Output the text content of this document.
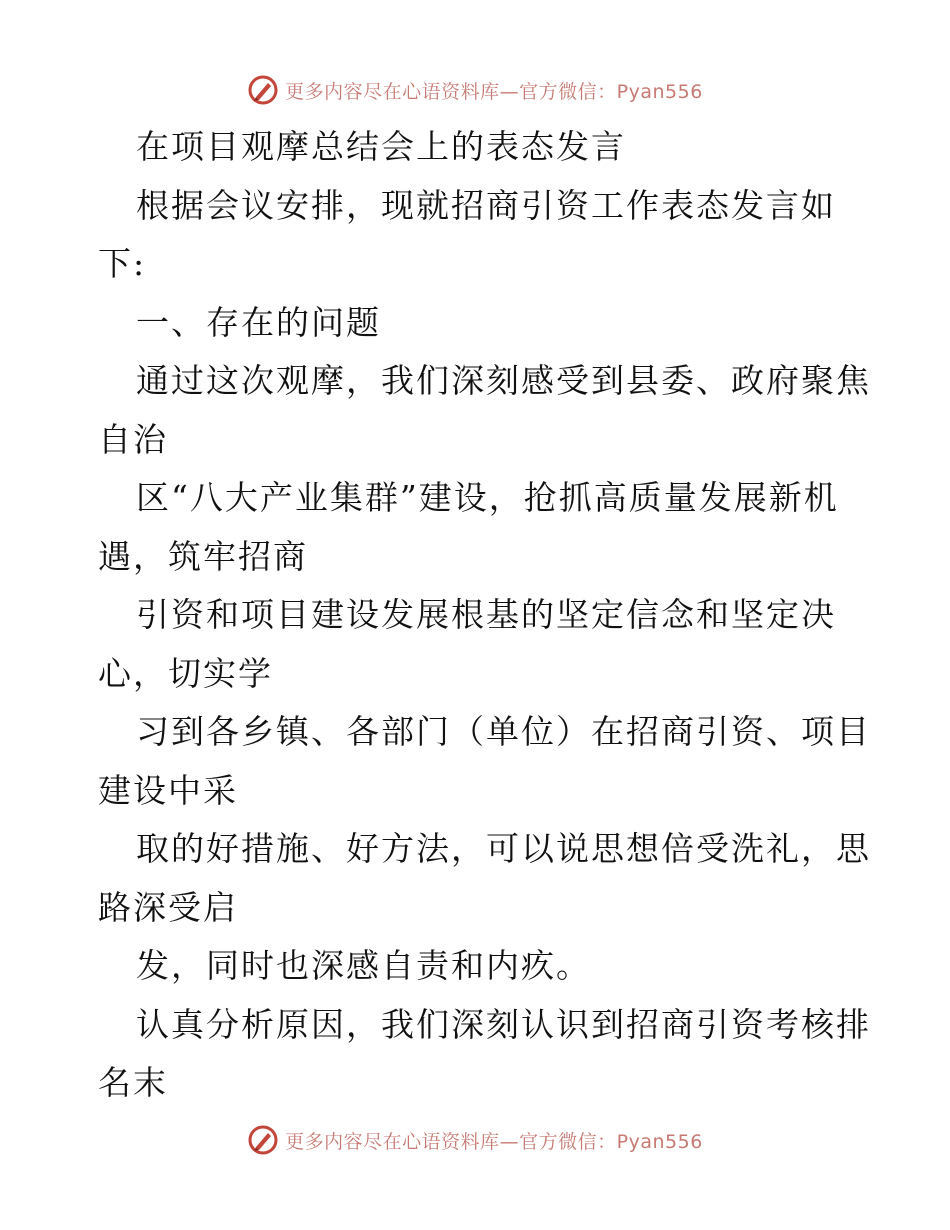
更多内容尽在心语资料库—官方微信：Pyan556
在项目观摩总结会上的表态发言
根据会议安排，现就招商引资工作表态发言如
下:
一、存在的问题
通过这次观摩，我们深刻感受到县委、政府聚焦
自治
区“八大产业集群”建设，抢抓高质量发展新机
遇，筑牢招商
引资和项目建设发展根基的坚定信念和坚定决
心，切实学
习到各乡镇、各部门（单位）在招商引资、项目
建设中采
取的好措施、好方法，可以说思想倍受洗礼，思
路深受启
发，同时也深感自责和内疚。
认真分析原因，我们深刻认识到招商引资考核排
名末
更多内容尽在心语资料库—官方微信：Pyan556
